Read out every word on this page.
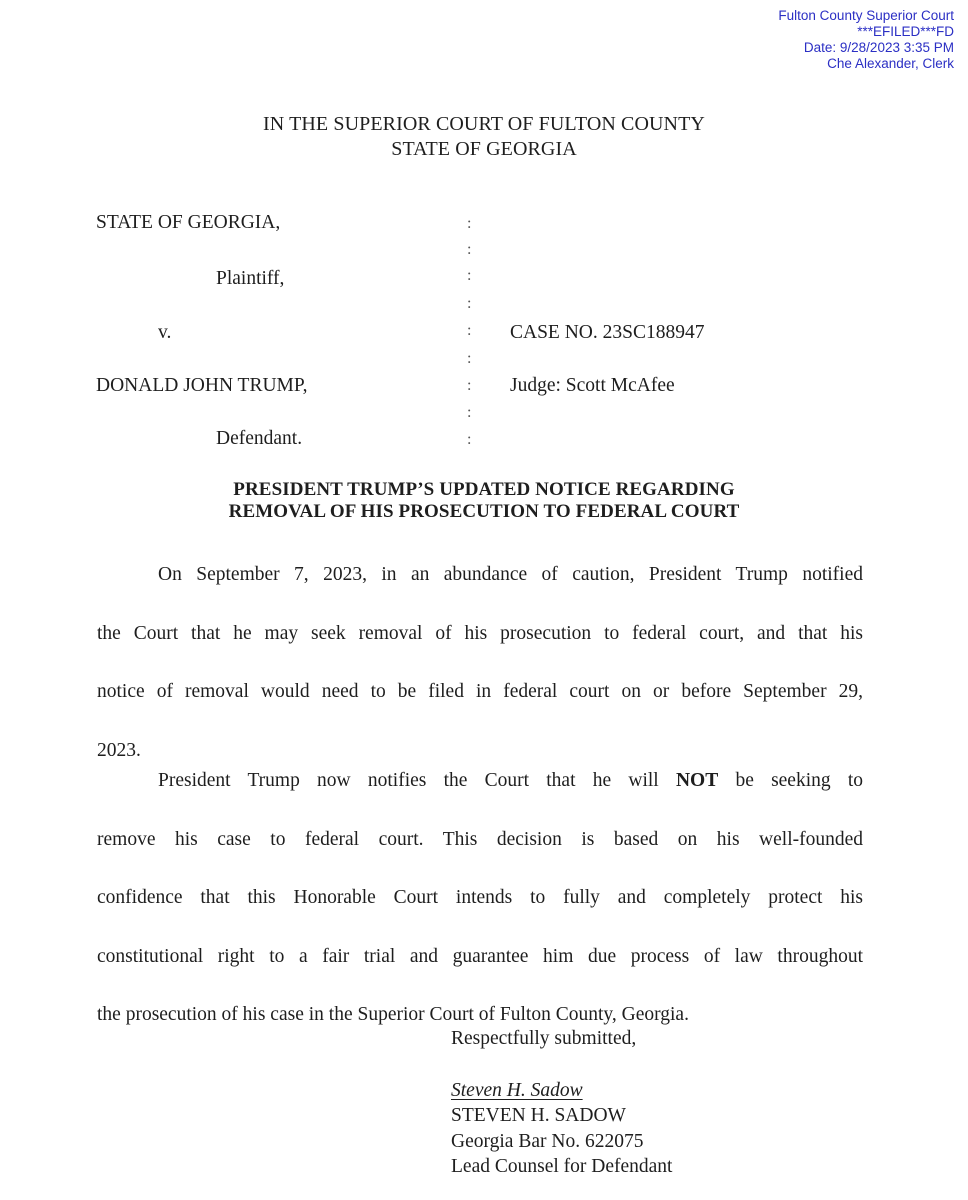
Fulton County Superior Court
***EFILED***FD
Date: 9/28/2023 3:35 PM
Che Alexander, Clerk
IN THE SUPERIOR COURT OF FULTON COUNTY
STATE OF GEORGIA
STATE OF GEORGIA,
Plaintiff,
v.
DONALD JOHN TRUMP,
Defendant.
:
:
:
:
:
:
:
:
:
CASE NO. 23SC188947
Judge: Scott McAfee
PRESIDENT TRUMP’S UPDATED NOTICE REGARDING
REMOVAL OF HIS PROSECUTION TO FEDERAL COURT
On September 7, 2023, in an abundance of caution, President Trump notified
the Court that he may seek removal of his prosecution to federal court, and that his
notice of removal would need to be filed in federal court on or before September 29,
2023.
President Trump now notifies the Court that he will NOT be seeking to
remove his case to federal court. This decision is based on his well-founded
confidence that this Honorable Court intends to fully and completely protect his
constitutional right to a fair trial and guarantee him due process of law throughout
the prosecution of his case in the Superior Court of Fulton County, Georgia.
Respectfully submitted,
Steven H. Sadow
STEVEN H. SADOW
Georgia Bar No. 622075
Lead Counsel for Defendant
